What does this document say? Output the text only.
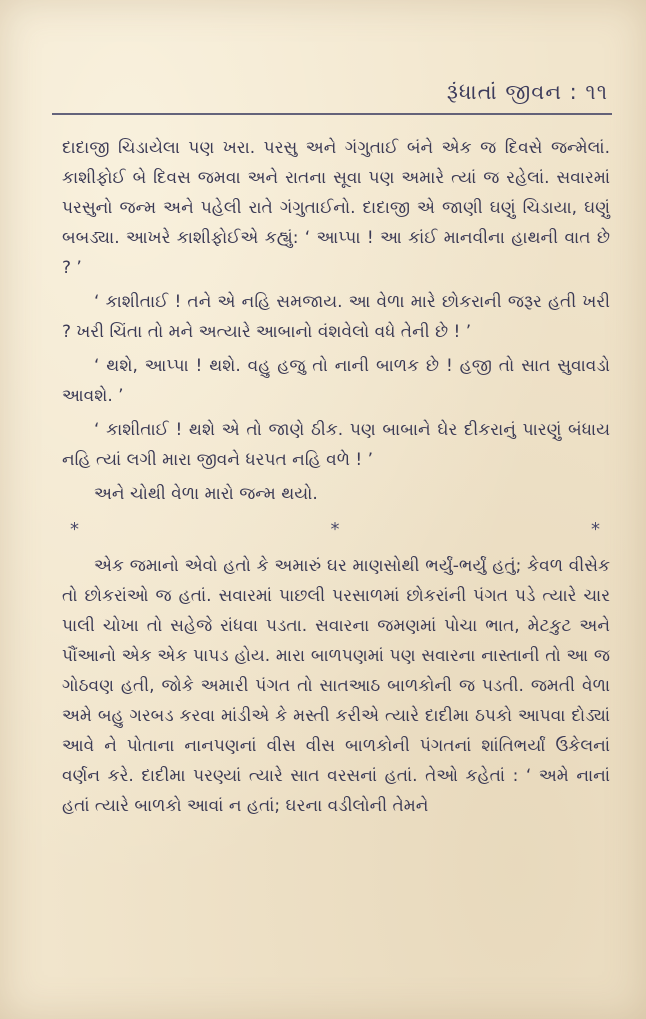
રૂંધાતાં જીવન : ૧૧

દાદાજી ચિડાયેલા પણ ખરા. પરસુ અને ગંગુતાઈ બંને એક જ દિવસે જન્મેલાં. કાશીફોઈ બે દિવસ જમવા અને રાતના સૂવા પણ અમારે ત્યાં જ રહેલાં. સવારમાં પરસુનો જન્મ અને પહેલી રાતે ગંગુતાઈનો. દાદાજી એ જાણી ઘણું ચિડાયા, ઘણું બબડ્યા. આખરે કાશીફોઈએ કહ્યું: ‘ આપ્પા ! આ કાંઈ માનવીના હાથની વાત છે ? ’

‘ કાશીતાઈ ! તને એ નહિ સમજાય. આ વેળા મારે છોકરાની જરૂર હતી ખરી ? ખરી ચિંતા તો મને અત્યારે આબાનો વંશવેલો વધે તેની છે ! ’

‘ થશે, આપ્પા ! થશે. વહુ હજુ તો નાની બાળક છે ! હજી તો સાત સુવાવડો આવશે. ’

‘ કાશીતાઈ ! થશે એ તો જાણે ઠીક. પણ બાબાને ઘેર દીકરાનું પારણું બંધાય નહિ ત્યાં લગી મારા જીવને ધરપત નહિ વળે ! ’

અને ચોથી વેળા મારો જન્મ થયો.

*	*	*

એક જમાનો એવો હતો કે અમારું ઘર માણસોથી ભર્યું-ભર્યું હતું; કેવળ વીસેક તો છોકરાંઓ જ હતાં. સવારમાં પાછલી પરસાળમાં છોકરાંની પંગત પડે ત્યારે ચાર પાલી ચોખા તો સહેજે રાંધવા પડતા. સવારના જમણમાં પોચા ભાત, મેટકુટ અને પૌંઆનો એક એક પાપડ હોય. મારા બાળપણમાં પણ સવારના નાસ્તાની તો આ જ ગોઠવણ હતી, જોકે અમારી પંગત તો સાતઆઠ બાળકોની જ પડતી. જમતી વેળા અમે બહુ ગરબડ કરવા માંડીએ કે મસ્તી કરીએ ત્યારે દાદીમા ઠપકો આપવા દોડ્યાં આવે ને પોતાના નાનપણનાં વીસ વીસ બાળકોની પંગતનાં શાંતિભર્યાં ઉકેલનાં વર્ણન કરે. દાદીમા પરણ્યાં ત્યારે સાત વરસનાં હતાં. તેઓ કહેતાં : ‘ અમે નાનાં હતાં ત્યારે બાળકો આવાં ન હતાં; ઘરના વડીલોની તેમને
